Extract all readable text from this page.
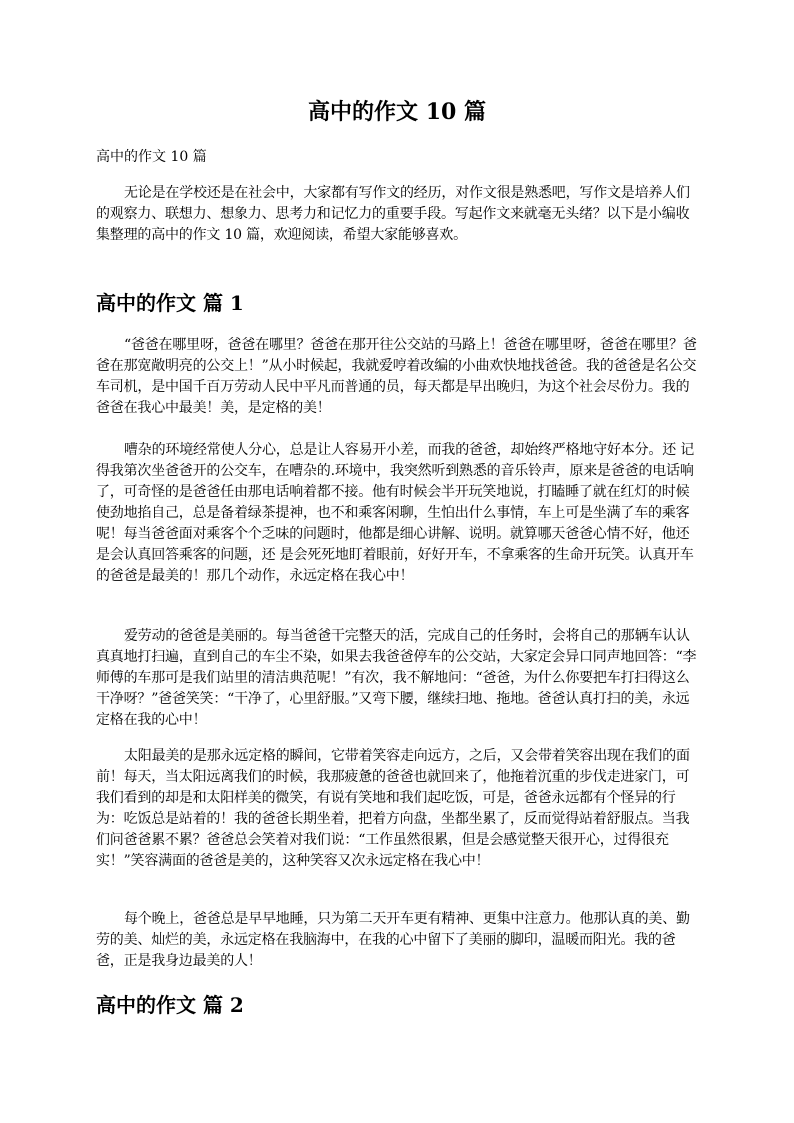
高中的作文 10 篇

高中的作文 10 篇

无论是在学校还是在社会中，大家都有写作文的经历，对作文很是熟悉吧，写作文是培养人们的观察力、联想力、想象力、思考力和记忆力的重要手段。写起作文来就毫无头绪？以下是小编收集整理的高中的作文 10 篇，欢迎阅读，希望大家能够喜欢。

高中的作文 篇 1

“爸爸在哪里呀，爸爸在哪里？爸爸在那开往公交站的马路上！爸爸在哪里呀，爸爸在哪里？爸爸在那宽敞明亮的公交上！”从小时候起，我就爱哼着改编的小曲欢快地找爸爸。我的爸爸是名公交车司机，是中国千百万劳动人民中平凡而普通的员，每天都是早出晚归，为这个社会尽份力。我的爸爸在我心中最美！美，是定格的美！

嘈杂的环境经常使人分心，总是让人容易开小差，而我的爸爸，却始终严格地守好本分。还 记得我第次坐爸爸开的公交车，在嘈杂的.环境中，我突然听到熟悉的音乐铃声，原来是爸爸的电话响了，可奇怪的是爸爸任由那电话响着都不接。他有时候会半开玩笑地说，打瞌睡了就在红灯的时候使劲地掐自己，总是备着绿茶提神，也不和乘客闲聊，生怕出什么事情，车上可是坐满了车的乘客呢！每当爸爸面对乘客个个乏味的问题时，他都是细心讲解、说明。就算哪天爸爸心情不好，他还 是会认真回答乘客的问题，还 是会死死地盯着眼前，好好开车，不拿乘客的生命开玩笑。认真开车的爸爸是最美的！那几个动作，永远定格在我心中！

爱劳动的爸爸是美丽的。每当爸爸干完整天的活，完成自己的任务时，会将自己的那辆车认认真真地打扫遍，直到自己的车尘不染，如果去我爸爸停车的公交站，大家定会异口同声地回答：“李师傅的车那可是我们站里的清洁典范呢！”有次，我不解地问：“爸爸，为什么你要把车打扫得这么干净呀？”爸爸笑笑：“干净了，心里舒服。”又弯下腰，继续扫地、拖地。爸爸认真打扫的美，永远定格在我的心中！

太阳最美的是那永远定格的瞬间，它带着笑容走向远方，之后，又会带着笑容出现在我们的面前！每天，当太阳远离我们的时候，我那疲惫的爸爸也就回来了，他拖着沉重的步伐走进家门，可我们看到的却是和太阳样美的微笑，有说有笑地和我们起吃饭，可是，爸爸永远都有个怪异的行为：吃饭总是站着的！我的爸爸长期坐着，把着方向盘，坐都坐累了，反而觉得站着舒服点。当我们问爸爸累不累？爸爸总会笑着对我们说：“工作虽然很累，但是会感觉整天很开心，过得很充实！”笑容满面的爸爸是美的，这种笑容又次永远定格在我心中！

每个晚上，爸爸总是早早地睡，只为第二天开车更有精神、更集中注意力。他那认真的美、勤劳的美、灿烂的美，永远定格在我脑海中，在我的心中留下了美丽的脚印，温暖而阳光。我的爸爸，正是我身边最美的人！

高中的作文 篇 2
